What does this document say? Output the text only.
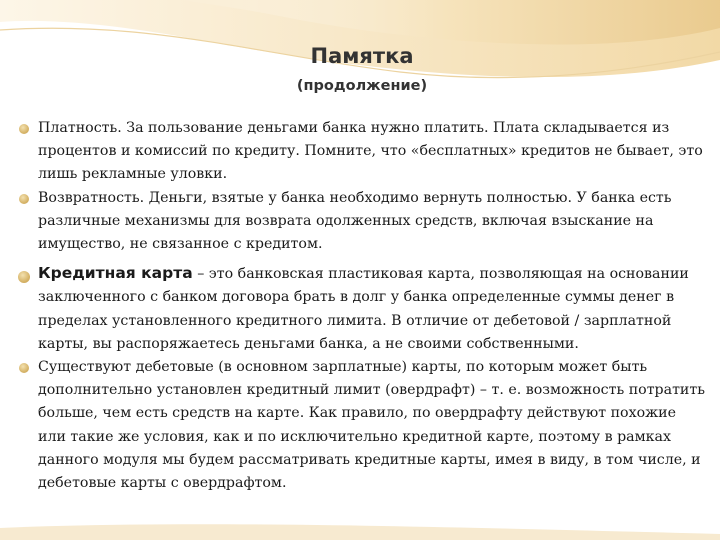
Памятка
(продолжение)
Платность. За пользование деньгами банка нужно платить. Плата складывается из процентов и комиссий по кредиту. Помните, что «бесплатных» кредитов не бывает, это лишь рекламные уловки.
Возвратность. Деньги, взятые у банка необходимо вернуть полностью. У банка есть различные механизмы для возврата одолженных средств, включая взыскание на имущество, не связанное с кредитом.
Кредитная карта – это банковская пластиковая карта, позволяющая на основании заключенного с банком договора брать в долг у банка определенные суммы денег в пределах установленного кредитного лимита. В отличие от дебетовой / зарплатной карты, вы распоряжаетесь деньгами банка, а не своими собственными.
Существуют дебетовые (в основном зарплатные) карты, по которым может быть дополнительно установлен кредитный лимит (овердрафт) – т. е. возможность потратить больше, чем есть средств на карте. Как правило, по овердрафту действуют похожие или такие же условия, как и по исключительно кредитной карте, поэтому в рамках данного модуля мы будем рассматривать кредитные карты, имея в виду, в том числе, и дебетовые карты с овердрафтом.
